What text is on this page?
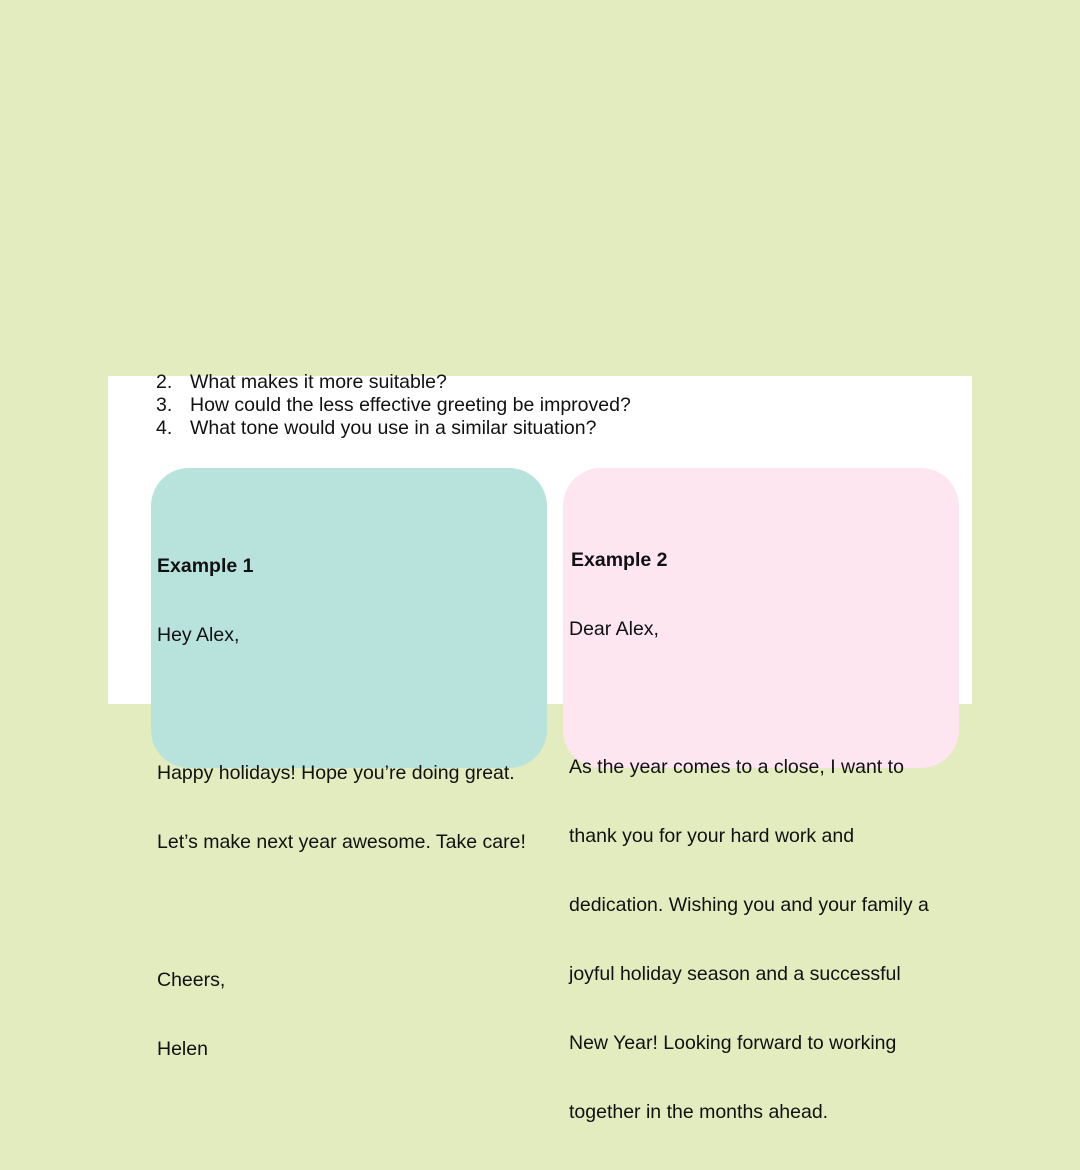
2. What makes it more suitable?
3. How could the less effective greeting be improved?
4. What tone would you use in a similar situation?

Example 1

Hey Alex,

Happy holidays! Hope you’re doing great.

Let’s make next year awesome. Take care!

Cheers,

Helen

Example 2

Dear Alex,

As the year comes to a close, I want to

thank you for your hard work and

dedication. Wishing you and your family a

joyful holiday season and a successful

New Year! Looking forward to working

together in the months ahead.
